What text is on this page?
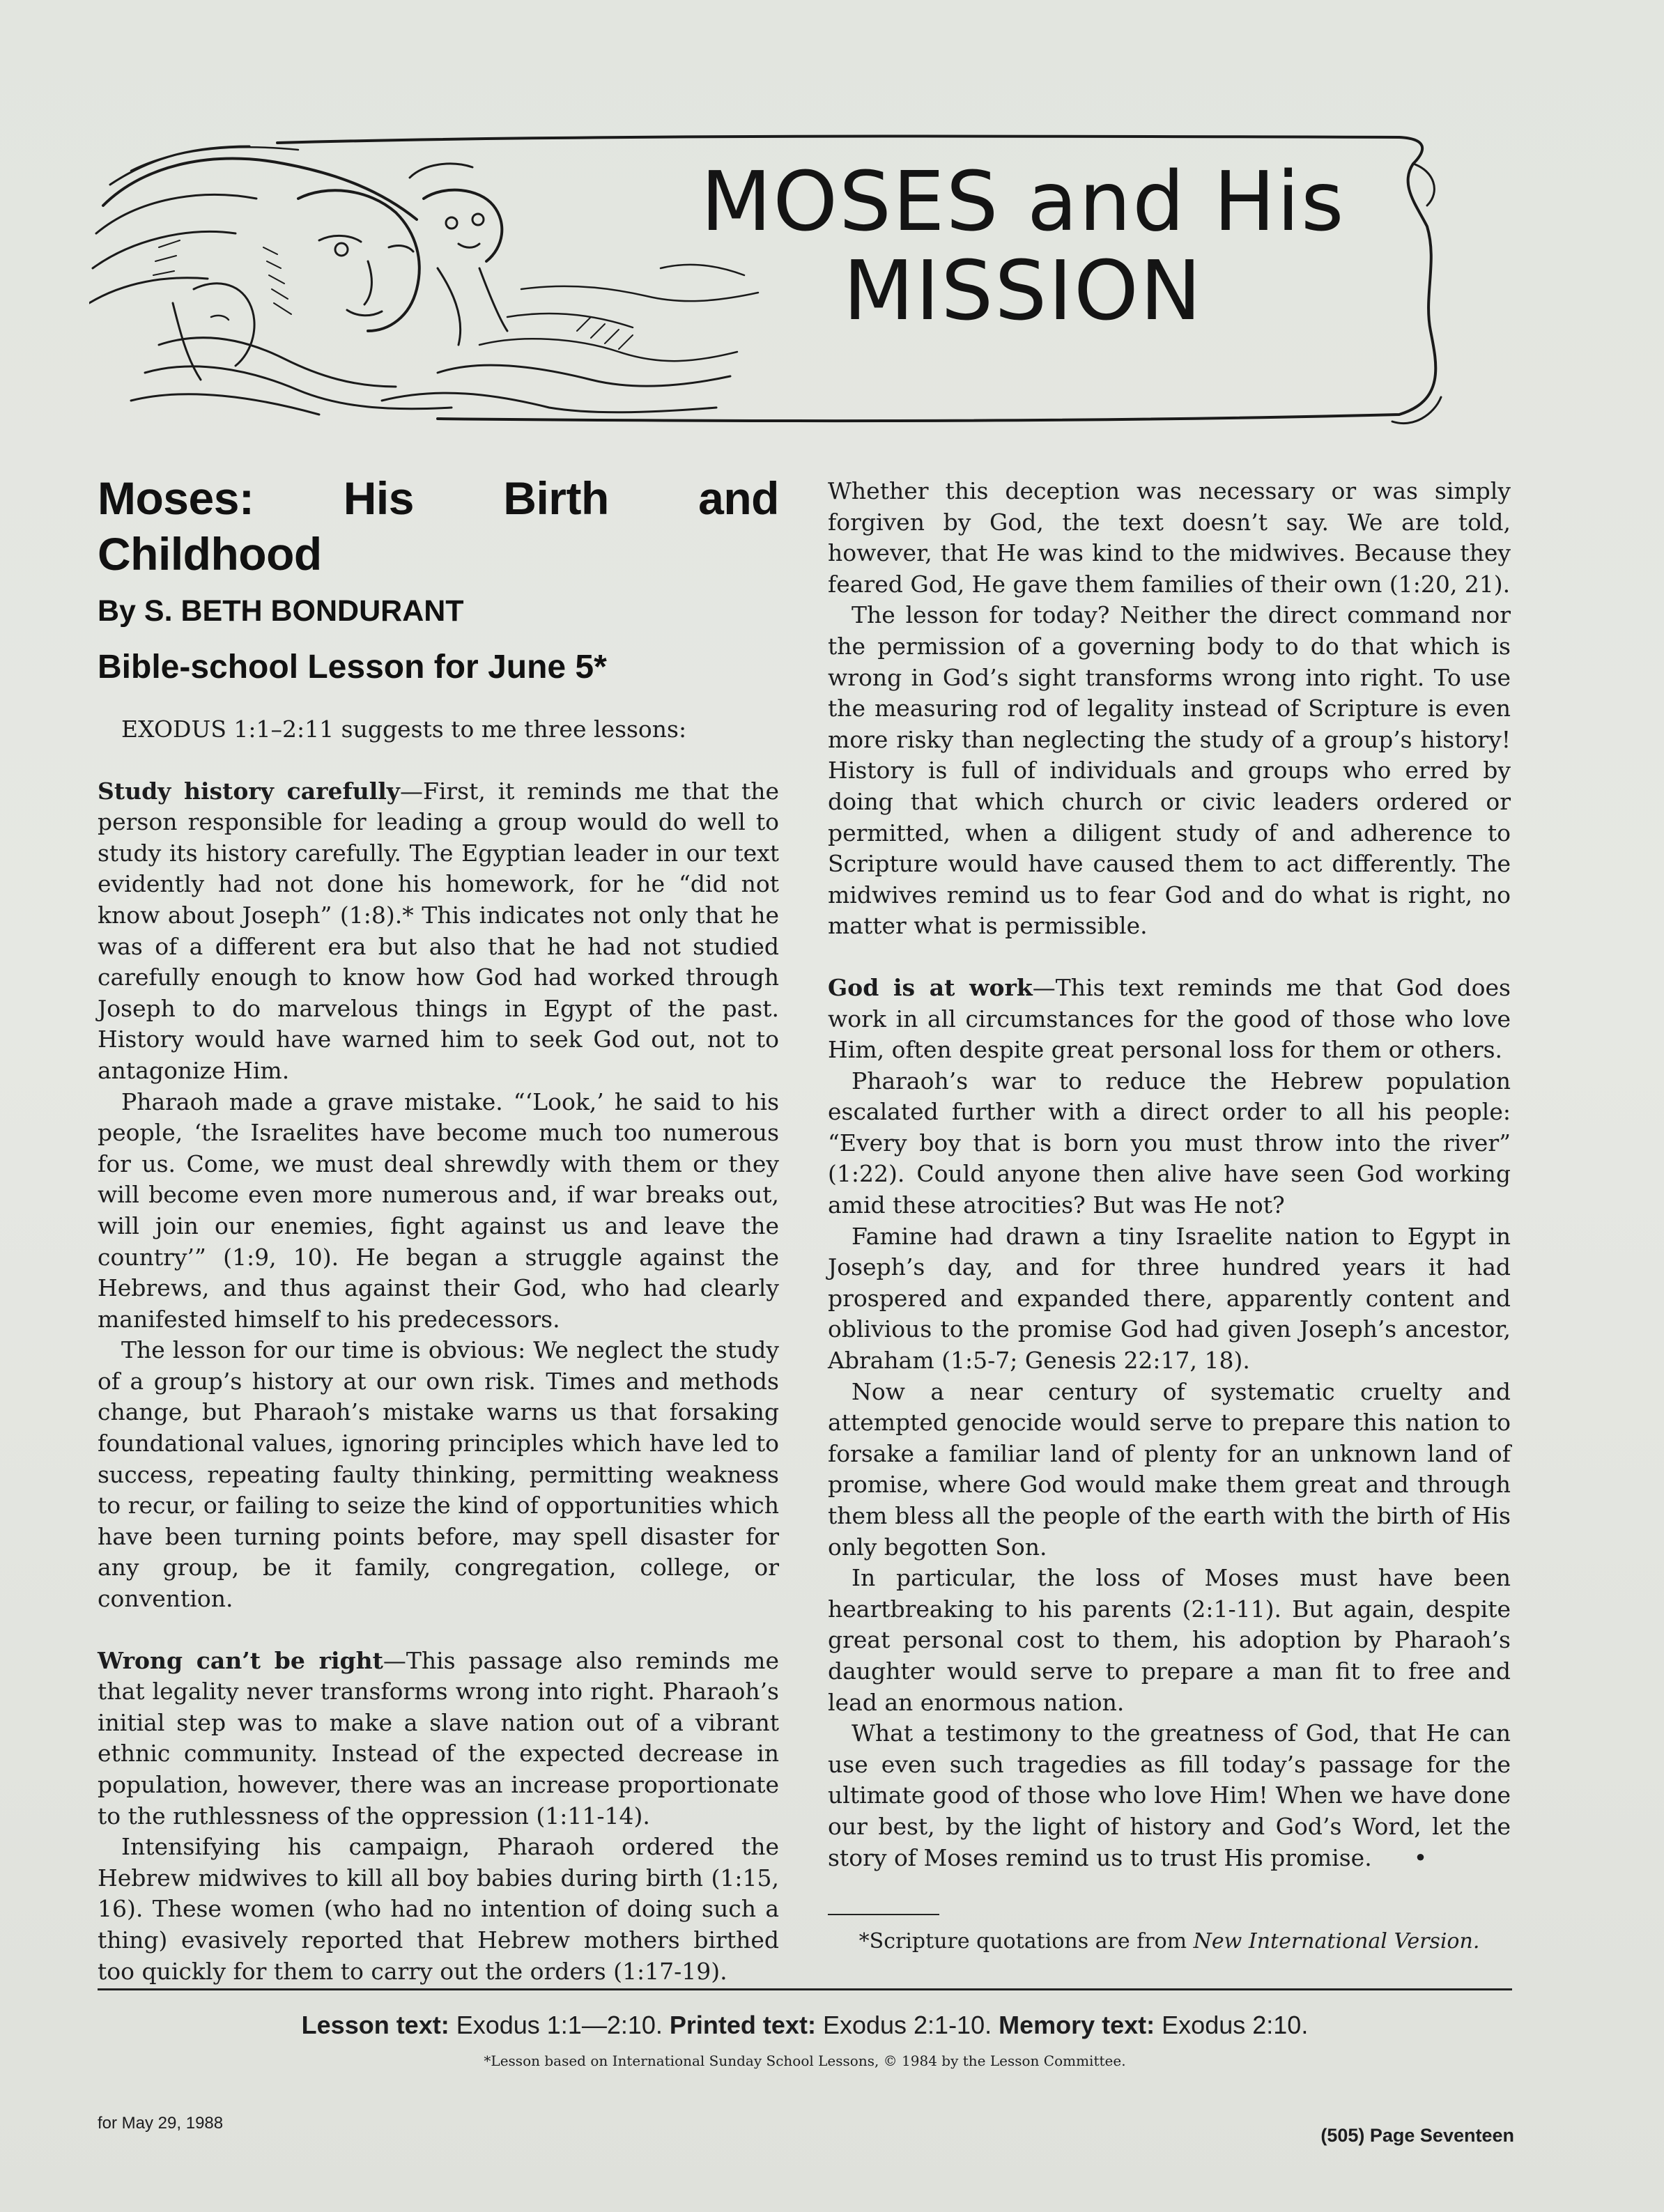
MOSES and His
MISSION
Moses: His Birth and Childhood
By S. BETH BONDURANT
Bible-school Lesson for June 5*

EXODUS 1:1–2:11 suggests to me three lessons:

Study history carefully—First, it reminds me that the person responsible for leading a group would do well to study its history carefully. The Egyptian leader in our text evidently had not done his homework, for he “did not know about Joseph” (1:8).* This indicates not only that he was of a different era but also that he had not studied carefully enough to know how God had worked through Joseph to do marvelous things in Egypt of the past. History would have warned him to seek God out, not to antagonize Him.

Pharaoh made a grave mistake. “‘Look,’ he said to his people, ‘the Israelites have become much too numerous for us. Come, we must deal shrewdly with them or they will become even more numerous and, if war breaks out, will join our enemies, fight against us and leave the country’” (1:9, 10). He began a struggle against the Hebrews, and thus against their God, who had clearly manifested himself to his predecessors.

The lesson for our time is obvious: We neglect the study of a group’s history at our own risk. Times and methods change, but Pharaoh’s mistake warns us that forsaking foundational values, ignoring principles which have led to success, repeating faulty thinking, permitting weakness to recur, or failing to seize the kind of opportunities which have been turning points before, may spell disaster for any group, be it family, congregation, college, or convention.

Wrong can’t be right—This passage also reminds me that legality never transforms wrong into right. Pharaoh’s initial step was to make a slave nation out of a vibrant ethnic community. Instead of the expected decrease in population, however, there was an increase proportionate to the ruthlessness of the oppression (1:11-14).

Intensifying his campaign, Pharaoh ordered the Hebrew midwives to kill all boy babies during birth (1:15, 16). These women (who had no intention of doing such a thing) evasively reported that Hebrew mothers birthed too quickly for them to carry out the orders (1:17-19).

Whether this deception was necessary or was simply forgiven by God, the text doesn’t say. We are told, however, that He was kind to the midwives. Because they feared God, He gave them families of their own (1:20, 21).

The lesson for today? Neither the direct command nor the permission of a governing body to do that which is wrong in God’s sight transforms wrong into right. To use the measuring rod of legality instead of Scripture is even more risky than neglecting the study of a group’s history! History is full of individuals and groups who erred by doing that which church or civic leaders ordered or permitted, when a diligent study of and adherence to Scripture would have caused them to act differently. The midwives remind us to fear God and do what is right, no matter what is permissible.

God is at work—This text reminds me that God does work in all circumstances for the good of those who love Him, often despite great personal loss for them or others.

Pharaoh’s war to reduce the Hebrew population escalated further with a direct order to all his people: “Every boy that is born you must throw into the river” (1:22). Could anyone then alive have seen God working amid these atrocities? But was He not?

Famine had drawn a tiny Israelite nation to Egypt in Joseph’s day, and for three hundred years it had prospered and expanded there, apparently content and oblivious to the promise God had given Joseph’s ancestor, Abraham (1:5-7; Genesis 22:17, 18).

Now a near century of systematic cruelty and attempted genocide would serve to prepare this nation to forsake a familiar land of plenty for an unknown land of promise, where God would make them great and through them bless all the people of the earth with the birth of His only begotten Son.

In particular, the loss of Moses must have been heartbreaking to his parents (2:1-11). But again, despite great personal cost to them, his adoption by Pharaoh’s daughter would serve to prepare a man fit to free and lead an enormous nation.

What a testimony to the greatness of God, that He can use even such tragedies as fill today’s passage for the ultimate good of those who love Him! When we have done our best, by the light of history and God’s Word, let the story of Moses remind us to trust His promise. •

*Scripture quotations are from New International Version.
Lesson text: Exodus 1:1—2:10. Printed text: Exodus 2:1-10. Memory text: Exodus 2:10.
*Lesson based on International Sunday School Lessons, © 1984 by the Lesson Committee.
for May 29, 1988
(505) Page Seventeen
